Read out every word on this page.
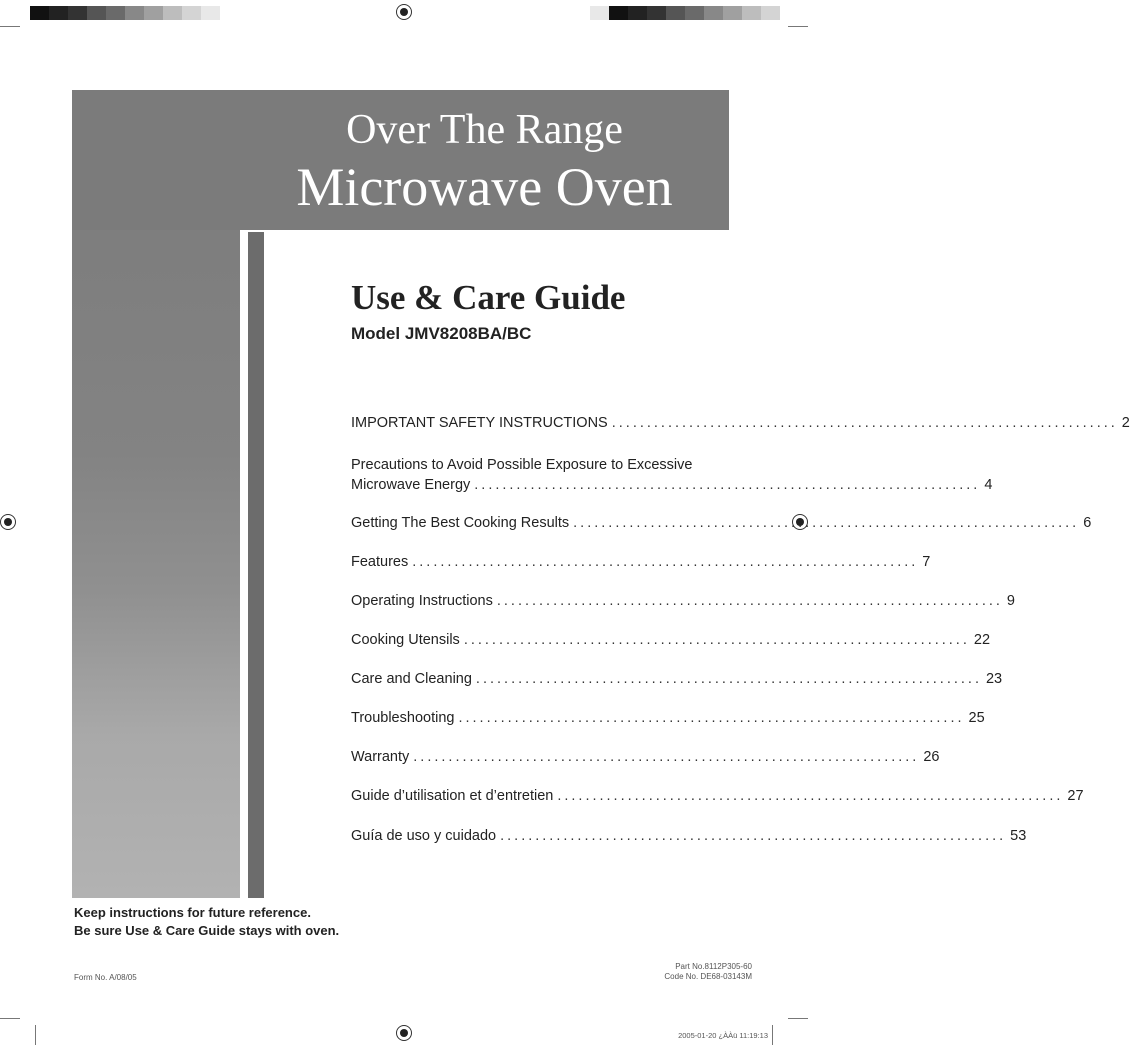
Over The Range
Microwave Oven
Use & Care Guide
Model JMV8208BA/BC
IMPORTANT SAFETY INSTRUCTIONS ........................................................................ 2
Precautions to Avoid Possible Exposure to Excessive
Microwave Energy ........................................................................ 4
Getting The Best Cooking Results ........................................................................ 6
Features ........................................................................ 7
Operating Instructions ........................................................................ 9
Cooking Utensils ........................................................................ 22
Care and Cleaning ........................................................................ 23
Troubleshooting ........................................................................ 25
Warranty ........................................................................ 26
Guide d’utilisation et d’entretien ........................................................................ 27
Guía de uso y cuidado ........................................................................ 53
Keep instructions for future reference.
Be sure Use & Care Guide stays with oven.
Form No. A/08/05
Part No.8112P305-60
Code No. DE68-03143M
2005-01-20 ¿ÀÀü 11:19:13
